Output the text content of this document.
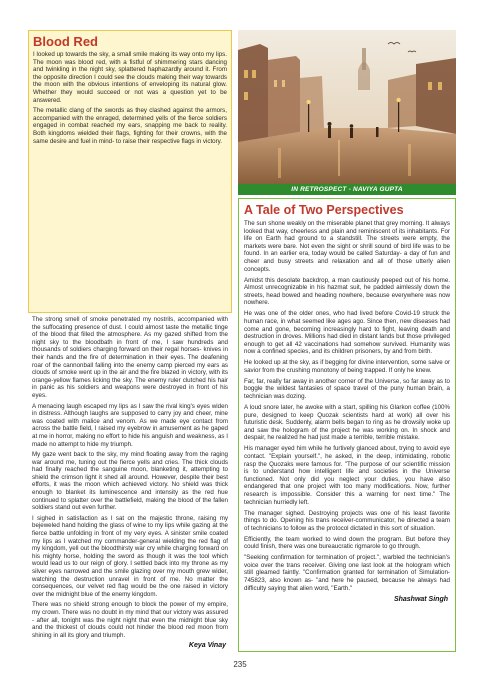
Blood Red

I looked up towards the sky, a small smile making its way onto my lips. The moon was blood red, with a fistful of shimmering stars dancing and twinkling in the night sky, splattered haphazardly around it. From the opposite direction I could see the clouds making their way towards the moon with the obvious intentions of enveloping its natural glow. Whether they would succeed or not was a question yet to be answered.

The metallic clang of the swords as they clashed against the armors, accompanied with the enraged, determined yells of the fierce soldiers engaged in combat reached my ears, snapping me back to reality. Both kingdoms wielded their flags, fighting for their crowns, with the same desire and fuel in mind- to raise their respective flags in victory.

The strong smell of smoke penetrated my nostrils, accompanied with the suffocating presence of dust. I could almost taste the metallic tinge of the blood that filled the atmosphere. As my gazed shifted from the night sky to the bloodbath in front of me, I saw hundreds and thousands of soldiers charging forward on their regal horses- knives in their hands and the fire of determination in their eyes. The deafening roar of the cannonball falling into the enemy camp pierced my ears as clouds of smoke went up in the air and the fire blazed in victory, with its orange-yellow flames licking the sky. The enemy ruler clutched his hair in panic as his soldiers and weapons were destroyed in front of his eyes.

A menacing laugh escaped my lips as I saw the rival king's eyes widen in distress. Although laughs are supposed to carry joy and cheer, mine was coated with malice and venom. As we made eye contact from across the battle field, I raised my eyebrow in amusement as he gaped at me in horror, making no effort to hide his anguish and weakness, as I made no attempt to hide my triumph.

My gaze went back to the sky, my mind floating away from the raging war around me, tuning out the fierce yells and cries. The thick clouds had finally reached the sanguine moon, blanketing it, attempting to shield the crimson light it shed all around. However, despite their best efforts, it was the moon which achieved victory. No shield was thick enough to blanket its luminescence and intensity as the red hue continued to splatter over the battlefield, making the blood of the fallen soldiers stand out even further.

I sighed in satisfaction as I sat on the majestic throne, raising my bejeweled hand holding the glass of wine to my lips while gazing at the fierce battle unfolding in front of my very eyes. A sinister smile coated my lips as I watched my commander-general wielding the red flag of my kingdom, yell out the bloodthirsty war cry while charging forward on his mighty horse, holding the sword as though it was the tool which would lead us to our reign of glory. I settled back into my throne as my silver eyes narrowed and the smile glazing over my mouth grew wider, watching the destruction unravel in front of me. No matter the consequences, our velvet red flag would be the one raised in victory over the midnight blue of the enemy kingdom.

There was no shield strong enough to block the power of my empire, my crown. There was no doubt in my mind that our victory was assured - after all, tonight was the night night that even the midnight blue sky and the thickest of clouds could not hinder the blood red moon from shining in all its glory and triumph.

Keya Vinay
IN RETROSPECT - NAVIYA GUPTA
A Tale of Two Perspectives

The sun shone weakly on the miserable planet that grey morning. It always looked that way, cheerless and plain and reminiscent of its inhabitants. For life on Earth had ground to a standstill. The streets were empty, the markets were bare. Not even the sight or shrill sound of bird life was to be found. In an earlier era, today would be called Saturday- a day of fun and cheer and busy streets and relaxation and all of those utterly alien concepts.

Amidst this desolate backdrop, a man cautiously peeped out of his home. Almost unrecognizable in his hazmat suit, he padded aimlessly down the streets, head bowed and heading nowhere, because everywhere was now nowhere.

He was one of the older ones, who had lived before Covid-19 struck the human race, in what seemed like ages ago. Since then, new diseases had come and gone, becoming increasingly hard to fight, leaving death and destruction in droves. Millions had died in distant lands but those privileged enough to get all 42 vaccinations had somehow survived. Humanity was now a confined species, and its children prisoners, by and from birth.

He looked up at the sky, as if begging for divine intervention, some salve or savior from the crushing monotony of being trapped. If only he knew.

Far, far, really far away in another corner of the Universe, so far away as to boggle the wildest fantasies of space travel of the puny human brain, a technician was dozing.

A loud snore later, he awoke with a start, spilling his Glarkon coffee (100% pure, designed to keep Quozak scientists hard at work) all over his futuristic desk. Suddenly, alarm bells began to ring as he drowsily woke up and saw the hologram of the project he was working on. In shock and despair, he realized he had just made a terrible, terrible mistake.

His manager eyed him while he furtively glanced about, trying to avoid eye contact. "Explain yourself.", he asked, in the deep, intimidating, robotic rasp the Quozaks were famous for. "The purpose of our scientific mission is to understand how intelligent life and societies in the Universe functioned. Not only did you neglect your duties, you have also endangered that one project with too many modifications. Now, further research is impossible. Consider this a warning for next time." The technician hurriedly left.

The manager sighed. Destroying projects was one of his least favorite things to do. Opening his trans receiver-communicator, he directed a team of technicians to follow as the protocol dictated in this sort of situation.

Efficiently, the team worked to wind down the program. But before they could finish, there was one bureaucratic rigmarole to go through.

"Seeking confirmation for termination of project.", warbled the technician's voice over the trans receiver. Giving one last look at the hologram which still gleamed faintly. "Confirmation granted for termination of Simulation-745823, also known as- "and here he paused, because he always had difficulty saying that alien word, "Earth."

Shashwat Singh
235
